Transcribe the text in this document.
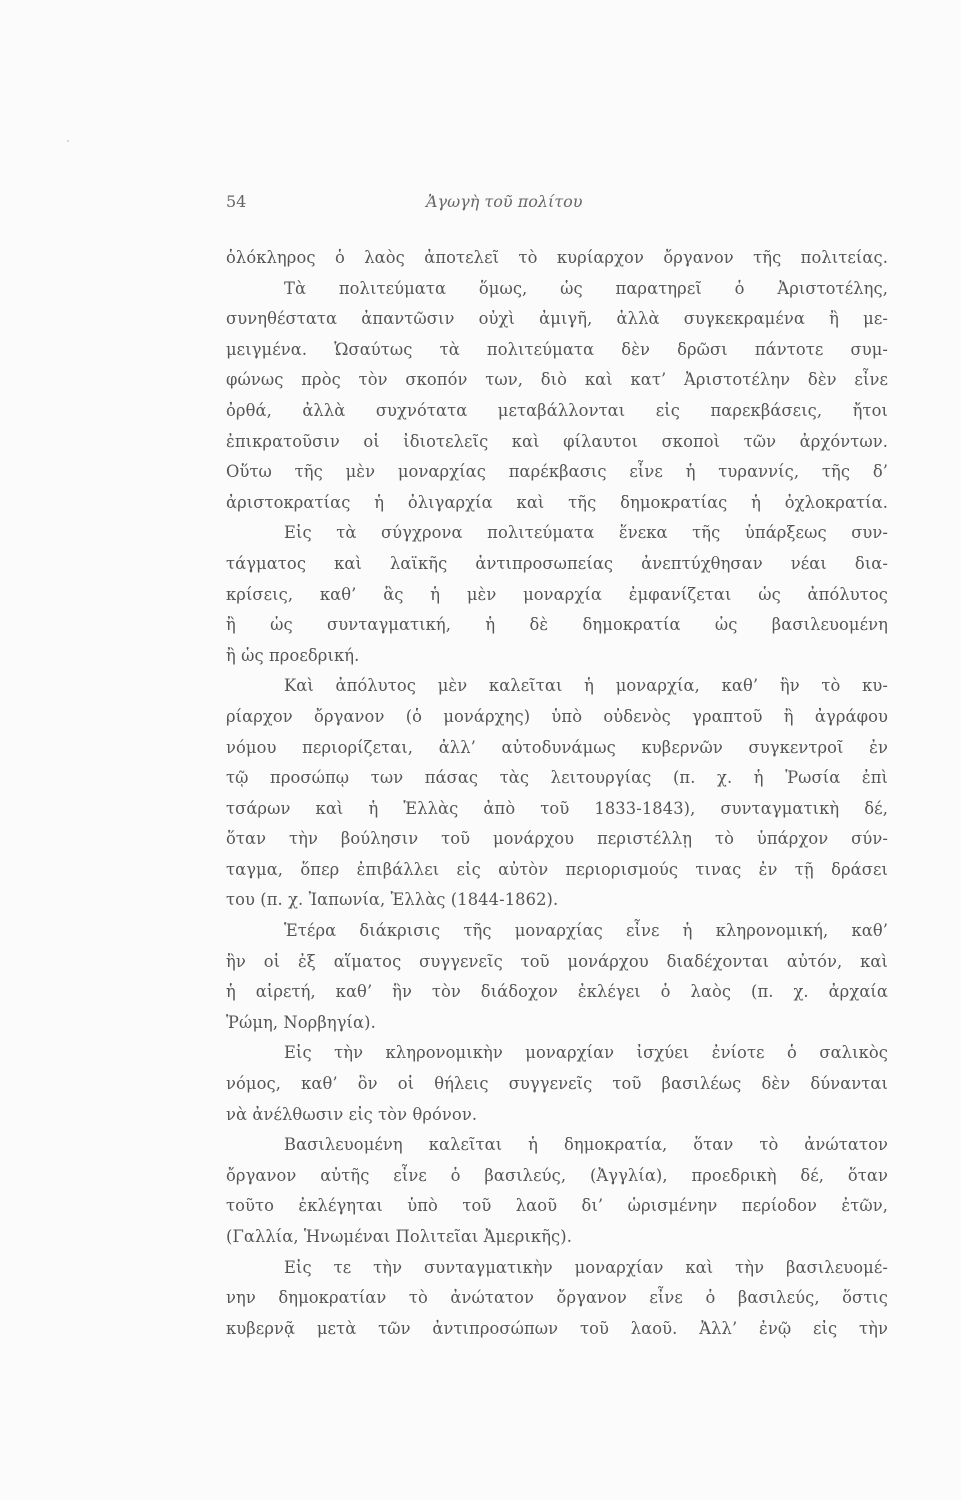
54	Ἀγωγὴ τοῦ πολίτου
ὁλόκληρος ὁ λαὸς ἀποτελεῖ τὸ κυρίαρχον ὄργανον τῆς πολιτείας.
Τὰ πολιτεύματα ὅμως, ὡς παρατηρεῖ ὁ Ἀριστοτέλης,
συνηθέστατα ἀπαντῶσιν οὐχὶ ἀμιγῆ, ἀλλὰ συγκεκραμένα ἢ με-
μειγμένα. Ὡσαύτως τὰ πολιτεύματα δὲν δρῶσι πάντοτε συμ-
φώνως πρὸς τὸν σκοπόν των, διὸ καὶ κατ’ Ἀριστοτέλην δὲν εἶνε
ὀρθά, ἀλλὰ συχνότατα μεταβάλλονται εἰς παρεκβάσεις, ἤτοι
ἐπικρατοῦσιν οἱ ἰδιοτελεῖς καὶ φίλαυτοι σκοποὶ τῶν ἀρχόντων.
Οὕτω τῆς μὲν μοναρχίας παρέκβασις εἶνε ἡ τυραννίς, τῆς δ’
ἀριστοκρατίας ἡ ὀλιγαρχία καὶ τῆς δημοκρατίας ἡ ὀχλοκρατία.
Εἰς τὰ σύγχρονα πολιτεύματα ἕνεκα τῆς ὑπάρξεως συν-
τάγματος καὶ λαϊκῆς ἀντιπροσωπείας ἀνεπτύχθησαν νέαι δια-
κρίσεις, καθ’ ἃς ἡ μὲν μοναρχία ἐμφανίζεται ὡς ἀπόλυτος
ἢ ὡς συνταγματική, ἡ δὲ δημοκρατία ὡς βασιλευομένη
ἢ ὡς προεδρική.
Καὶ ἀπόλυτος μὲν καλεῖται ἡ μοναρχία, καθ’ ἣν τὸ κυ-
ρίαρχον ὄργανον (ὁ μονάρχης) ὑπὸ οὐδενὸς γραπτοῦ ἢ ἀγράφου
νόμου περιορίζεται, ἀλλ’ αὐτοδυνάμως κυβερνῶν συγκεντροῖ ἐν
τῷ προσώπῳ των πάσας τὰς λειτουργίας (π. χ. ἡ Ῥωσία ἐπὶ
τσάρων καὶ ἡ Ἑλλὰς ἀπὸ τοῦ 1833-1843), συνταγματικὴ δέ,
ὅταν τὴν βούλησιν τοῦ μονάρχου περιστέλλῃ τὸ ὑπάρχον σύν-
ταγμα, ὅπερ ἐπιβάλλει εἰς αὐτὸν περιορισμούς τινας ἐν τῇ δράσει
του (π. χ. Ἰαπωνία, Ἑλλὰς (1844-1862).
Ἑτέρα διάκρισις τῆς μοναρχίας εἶνε ἡ κληρονομική, καθ’
ἣν οἱ ἐξ αἵματος συγγενεῖς τοῦ μονάρχου διαδέχονται αὐτόν, καὶ
ἡ αἱρετή, καθ’ ἣν τὸν διάδοχον ἐκλέγει ὁ λαὸς (π. χ. ἀρχαία
Ῥώμη, Νορβηγία).
Εἰς τὴν κληρονομικὴν μοναρχίαν ἰσχύει ἐνίοτε ὁ σαλικὸς
νόμος, καθ’ ὃν οἱ θήλεις συγγενεῖς τοῦ βασιλέως δὲν δύνανται
νὰ ἀνέλθωσιν εἰς τὸν θρόνον.
Βασιλευομένη καλεῖται ἡ δημοκρατία, ὅταν τὸ ἀνώτατον
ὄργανον αὐτῆς εἶνε ὁ βασιλεύς, (Ἀγγλία), προεδρικὴ δέ, ὅταν
τοῦτο ἐκλέγηται ὑπὸ τοῦ λαοῦ δι’ ὡρισμένην περίοδον ἐτῶν,
(Γαλλία, Ἡνωμέναι Πολιτεῖαι Ἀμερικῆς).
Εἰς τε τὴν συνταγματικὴν μοναρχίαν καὶ τὴν βασιλευομέ-
νην δημοκρατίαν τὸ ἀνώτατον ὄργανον εἶνε ὁ βασιλεύς, ὅστις
κυβερνᾷ μετὰ τῶν ἀντιπροσώπων τοῦ λαοῦ. Ἀλλ’ ἐνῷ εἰς τὴν
